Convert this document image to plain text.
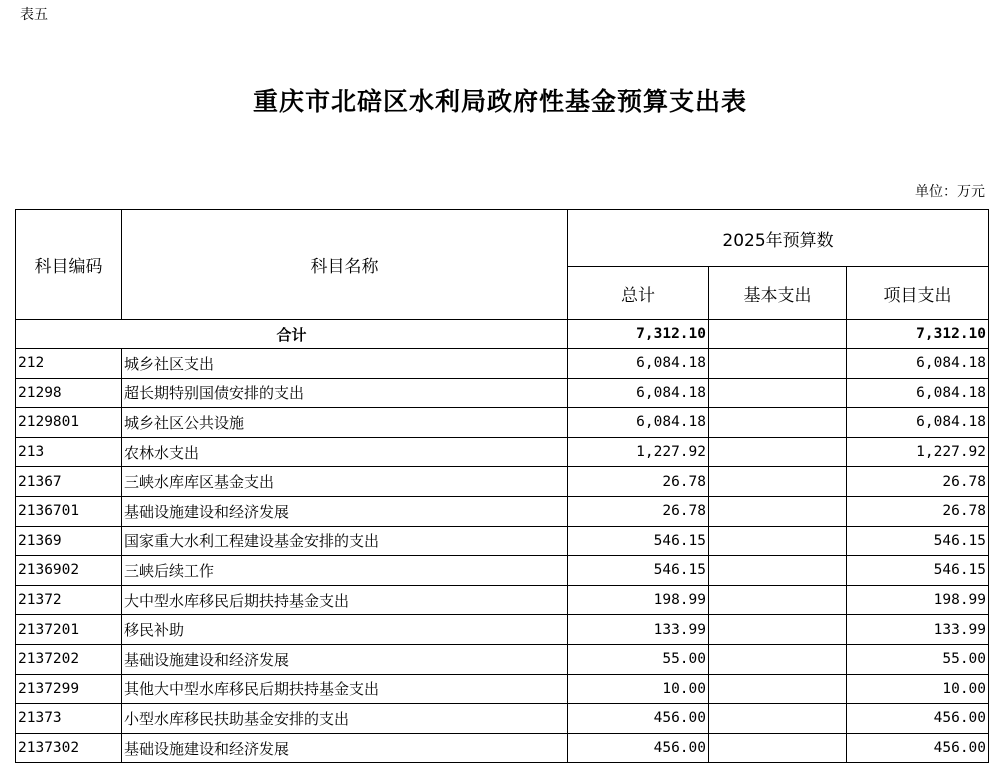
表五
重庆市北碚区水利局政府性基金预算支出表
单位：万元
科目编码	科目名称	2025年预算数		
		总计	基本支出	项目支出
合计		7,312.10		7,312.10
212	城乡社区支出	6,084.18		6,084.18
21298	超长期特别国债安排的支出	6,084.18		6,084.18
2129801	城乡社区公共设施	6,084.18		6,084.18
213	农林水支出	1,227.92		1,227.92
21367	三峡水库库区基金支出	26.78		26.78
2136701	基础设施建设和经济发展	26.78		26.78
21369	国家重大水利工程建设基金安排的支出	546.15		546.15
2136902	三峡后续工作	546.15		546.15
21372	大中型水库移民后期扶持基金支出	198.99		198.99
2137201	移民补助	133.99		133.99
2137202	基础设施建设和经济发展	55.00		55.00
2137299	其他大中型水库移民后期扶持基金支出	10.00		10.00
21373	小型水库移民扶助基金安排的支出	456.00		456.00
2137302	基础设施建设和经济发展	456.00		456.00
